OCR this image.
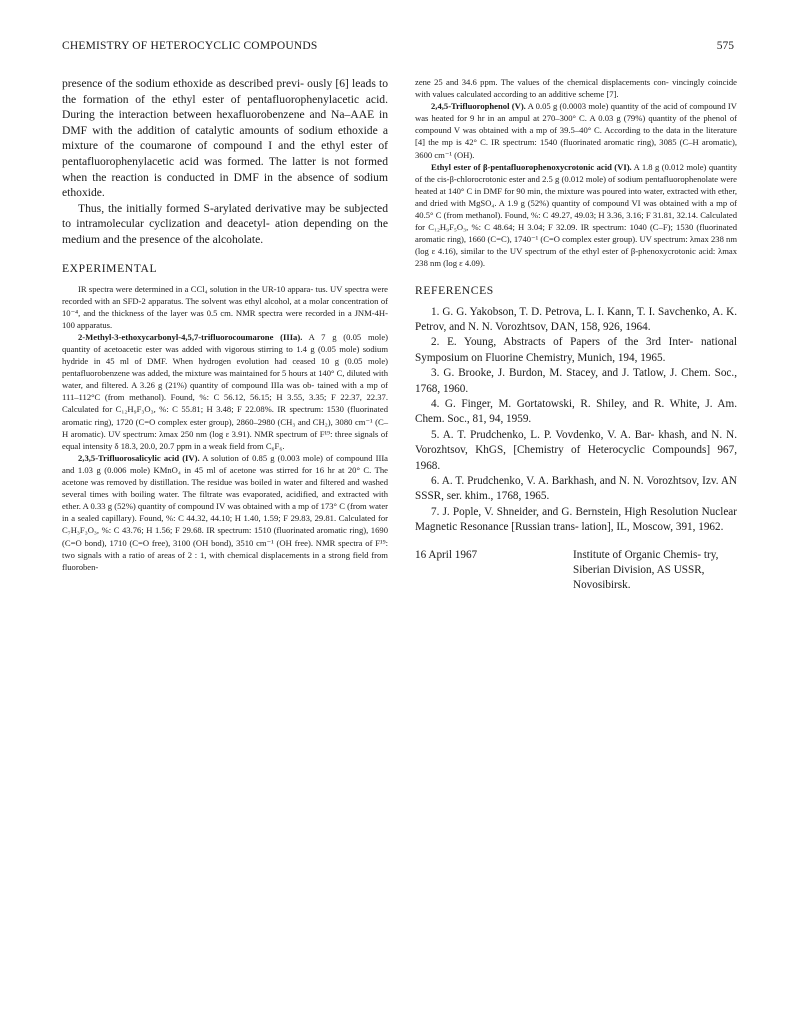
CHEMISTRY OF HETEROCYCLIC COMPOUNDS	575

presence of the sodium ethoxide as described previ- ously [6] leads to the formation of the ethyl ester of pentafluorophenylacetic acid. During the interaction between hexafluorobenzene and Na–AAE in DMF with the addition of catalytic amounts of sodium ethoxide a mixture of the coumarone of compound I and the ethyl ester of pentafluorophenylacetic acid was formed. The latter is not formed when the reaction is conducted in DMF in the absence of sodium ethoxide.

Thus, the initially formed S-arylated derivative may be subjected to intramolecular cyclization and deacetyl- ation depending on the medium and the presence of the alcoholate.

EXPERIMENTAL

IR spectra were determined in a CCl₄ solution in the UR-10 appara- tus. UV spectra were recorded with an SFD-2 apparatus. The solvent was ethyl alcohol, at a molar concentration of 10⁻⁴, and the thickness of the layer was 0.5 cm. NMR spectra were recorded in a JNM-4H-100 apparatus.

2-Methyl-3-ethoxycarbonyl-4,5,7-trifluorocoumarone (IIIa). A 7 g (0.05 mole) quantity of acetoacetic ester was added with vigorous stirring to 1.4 g (0.05 mole) sodium hydride in 45 ml of DMF. When hydrogen evolution had ceased 10 g (0.05 mole) pentafluorobenzene was added, the mixture was maintained for 5 hours at 140° C, diluted with water, and filtered. A 3.26 g (21%) quantity of compound IIIa was ob- tained with a mp of 111–112°C (from methanol). Found, %: C 56.12, 56.15; H 3.55, 3.35; F 22.37, 22.37. Calculated for C₁₂H₉F₃O₃, %: C 55.81; H 3.48; F 22.08%. IR spectrum: 1530 (fluorinated aromatic ring), 1720 (C=O complex ester group), 2860–2980 (CH₃ and CH₂), 3080 cm⁻¹ (C–H aromatic). UV spectrum: λmax 250 nm (log ε 3.91). NMR spectrum of F¹⁹: three signals of equal intensity δ 18.3, 20.0, 20.7 ppm in a weak field from C₆F₆.

2,3,5-Trifluorosalicylic acid (IV). A solution of 0.85 g (0.003 mole) of compound IIIa and 1.03 g (0.006 mole) KMnO₄ in 45 ml of acetone was stirred for 16 hr at 20° C. The acetone was removed by distillation. The residue was boiled in water and filtered and washed several times with boiling water. The filtrate was evaporated, acidified, and extracted with ether. A 0.33 g (52%) quantity of compound IV was obtained with a mp of 173° C (from water in a sealed capillary). Found, %: C 44.32, 44.10; H 1.40, 1.59; F 29.83, 29.81. Calculated for C₇H₃F₃O₃, %: C 43.76; H 1.56; F 29.68. IR spectrum: 1510 (fluorinated aromatic ring), 1690 (C=O bond), 1710 (C=O free), 3100 (OH bond), 3510 cm⁻¹ (OH free). NMR spectra of F¹⁹: two signals with a ratio of areas of 2 : 1, with chemical displacements in a strong field from fluoroben-

zene 25 and 34.6 ppm. The values of the chemical displacements con- vincingly coincide with values calculated according to an additive scheme [7].

2,4,5-Trifluorophenol (V). A 0.05 g (0.0003 mole) quantity of the acid of compound IV was heated for 9 hr in an ampul at 270–300° C. A 0.03 g (79%) quantity of the phenol of compound V was obtained with a mp of 39.5–40° C. According to the data in the literature [4] the mp is 42° C. IR spectrum: 1540 (fluorinated aromatic ring), 3085 (C–H aromatic), 3600 cm⁻¹ (OH).

Ethyl ester of β-pentafluorophenoxycrotonic acid (VI). A 1.8 g (0.012 mole) quantity of the cis-β-chlorocrotonic ester and 2.5 g (0.012 mole) of sodium pentafluorophenolate were heated at 140° C in DMF for 90 min, the mixture was poured into water, extracted with ether, and dried with MgSO₄. A 1.9 g (52%) quantity of compound VI was obtained with a mp of 40.5° C (from methanol). Found, %: C 49.27, 49.03; H 3.36, 3.16; F 31.81, 32.14. Calculated for C₁₂H₉F₅O₃, %: C 48.64; H 3.04; F 32.09. IR spectrum: 1040 (C–F); 1530 (fluorinated aromatic ring), 1660 (C=C), 1740⁻¹ (C=O complex ester group). UV spectrum: λmax 238 nm (log ε 4.16), similar to the UV spectrum of the ethyl ester of β-phenoxycrotonic acid: λmax 238 nm (log ε 4.09).

REFERENCES

1. G. G. Yakobson, T. D. Petrova, L. I. Kann, T. I. Savchenko, A. K. Petrov, and N. N. Vorozhtsov, DAN, 158, 926, 1964.

2. E. Young, Abstracts of Papers of the 3rd Inter- national Symposium on Fluorine Chemistry, Munich, 194, 1965.

3. G. Brooke, J. Burdon, M. Stacey, and J. Tatlow, J. Chem. Soc., 1768, 1960.

4. G. Finger, M. Gortatowski, R. Shiley, and R. White, J. Am. Chem. Soc., 81, 94, 1959.

5. A. T. Prudchenko, L. P. Vovdenko, V. A. Bar- khash, and N. N. Vorozhtsov, KhGS, [Chemistry of Heterocyclic Compounds] 967, 1968.

6. A. T. Prudchenko, V. A. Barkhash, and N. N. Vorozhtsov, Izv. AN SSSR, ser. khim., 1768, 1965.

7. J. Pople, V. Shneider, and G. Bernstein, High Resolution Nuclear Magnetic Resonance [Russian trans- lation], IL, Moscow, 391, 1962.

16 April 1967	Institute of Organic Chemis- try, Siberian Division, AS USSR, Novosibirsk.
